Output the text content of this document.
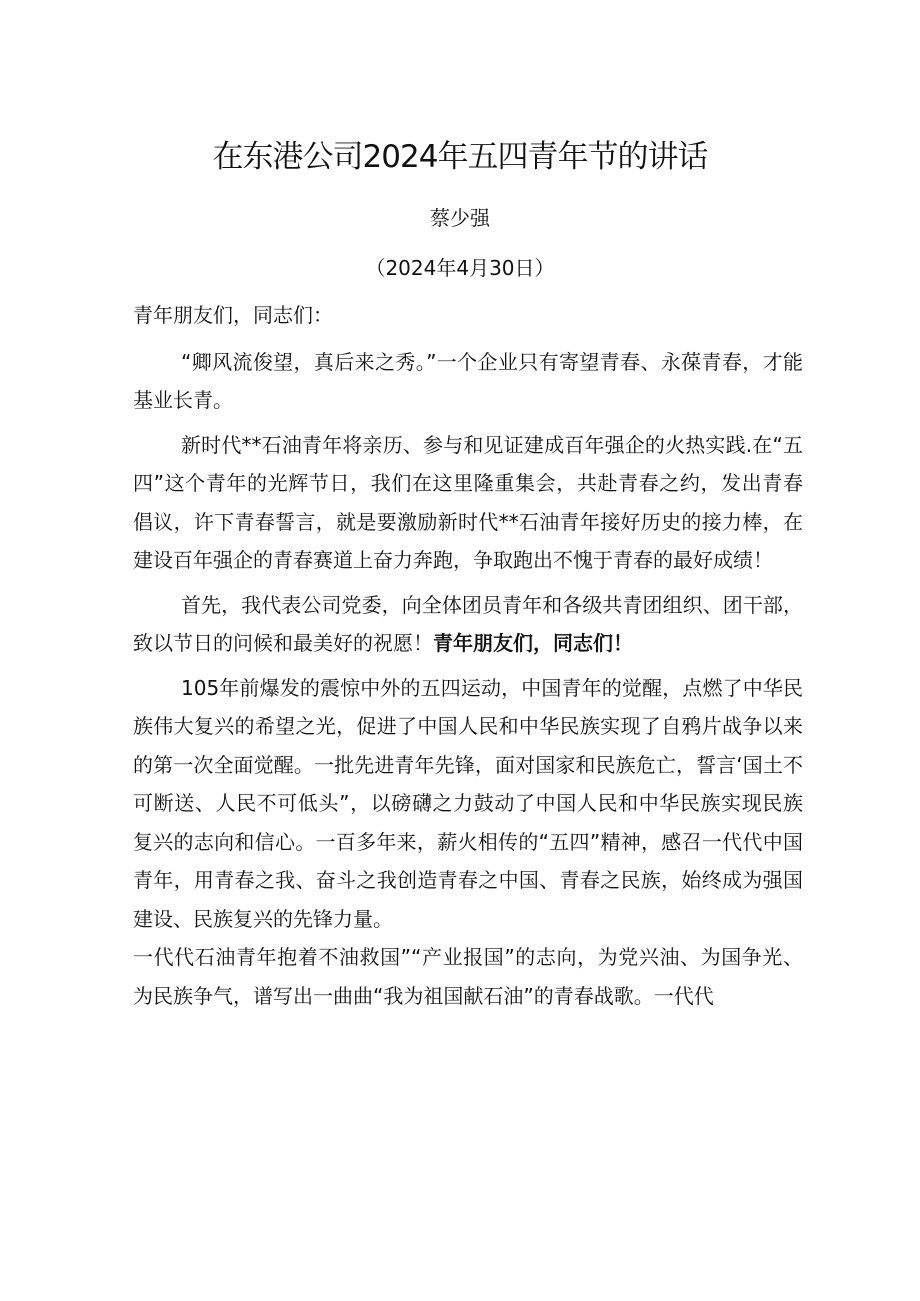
在东港公司2024年五四青年节的讲话
蔡少强
（2024年4月30日）

青年朋友们，同志们：

“卿风流俊望，真后来之秀。”一个企业只有寄望青春、永葆青春，才能基业长青。

新时代**石油青年将亲历、参与和见证建成百年强企的火热实践.在“五四”这个青年的光辉节日，我们在这里隆重集会，共赴青春之约，发出青春倡议，许下青春誓言，就是要激励新时代**石油青年接好历史的接力棒，在建设百年强企的青春赛道上奋力奔跑，争取跑出不愧于青春的最好成绩！

首先，我代表公司党委，向全体团员青年和各级共青团组织、团干部，致以节日的问候和最美好的祝愿！青年朋友们，同志们！

105年前爆发的震惊中外的五四运动，中国青年的觉醒，点燃了中华民族伟大复兴的希望之光，促进了中国人民和中华民族实现了自鸦片战争以来的第一次全面觉醒。一批先进青年先锋，面对国家和民族危亡，誓言‘国土不可断送、人民不可低头”，以磅礴之力鼓动了中国人民和中华民族实现民族复兴的志向和信心。一百多年来，薪火相传的“五四”精神，感召一代代中国青年，用青春之我、奋斗之我创造青春之中国、青春之民族，始终成为强国建设、民族复兴的先锋力量。

一代代石油青年抱着不油救国”“产业报国”的志向，为党兴油、为国争光、为民族争气，谱写出一曲曲“我为祖国献石油”的青春战歌。一代代
